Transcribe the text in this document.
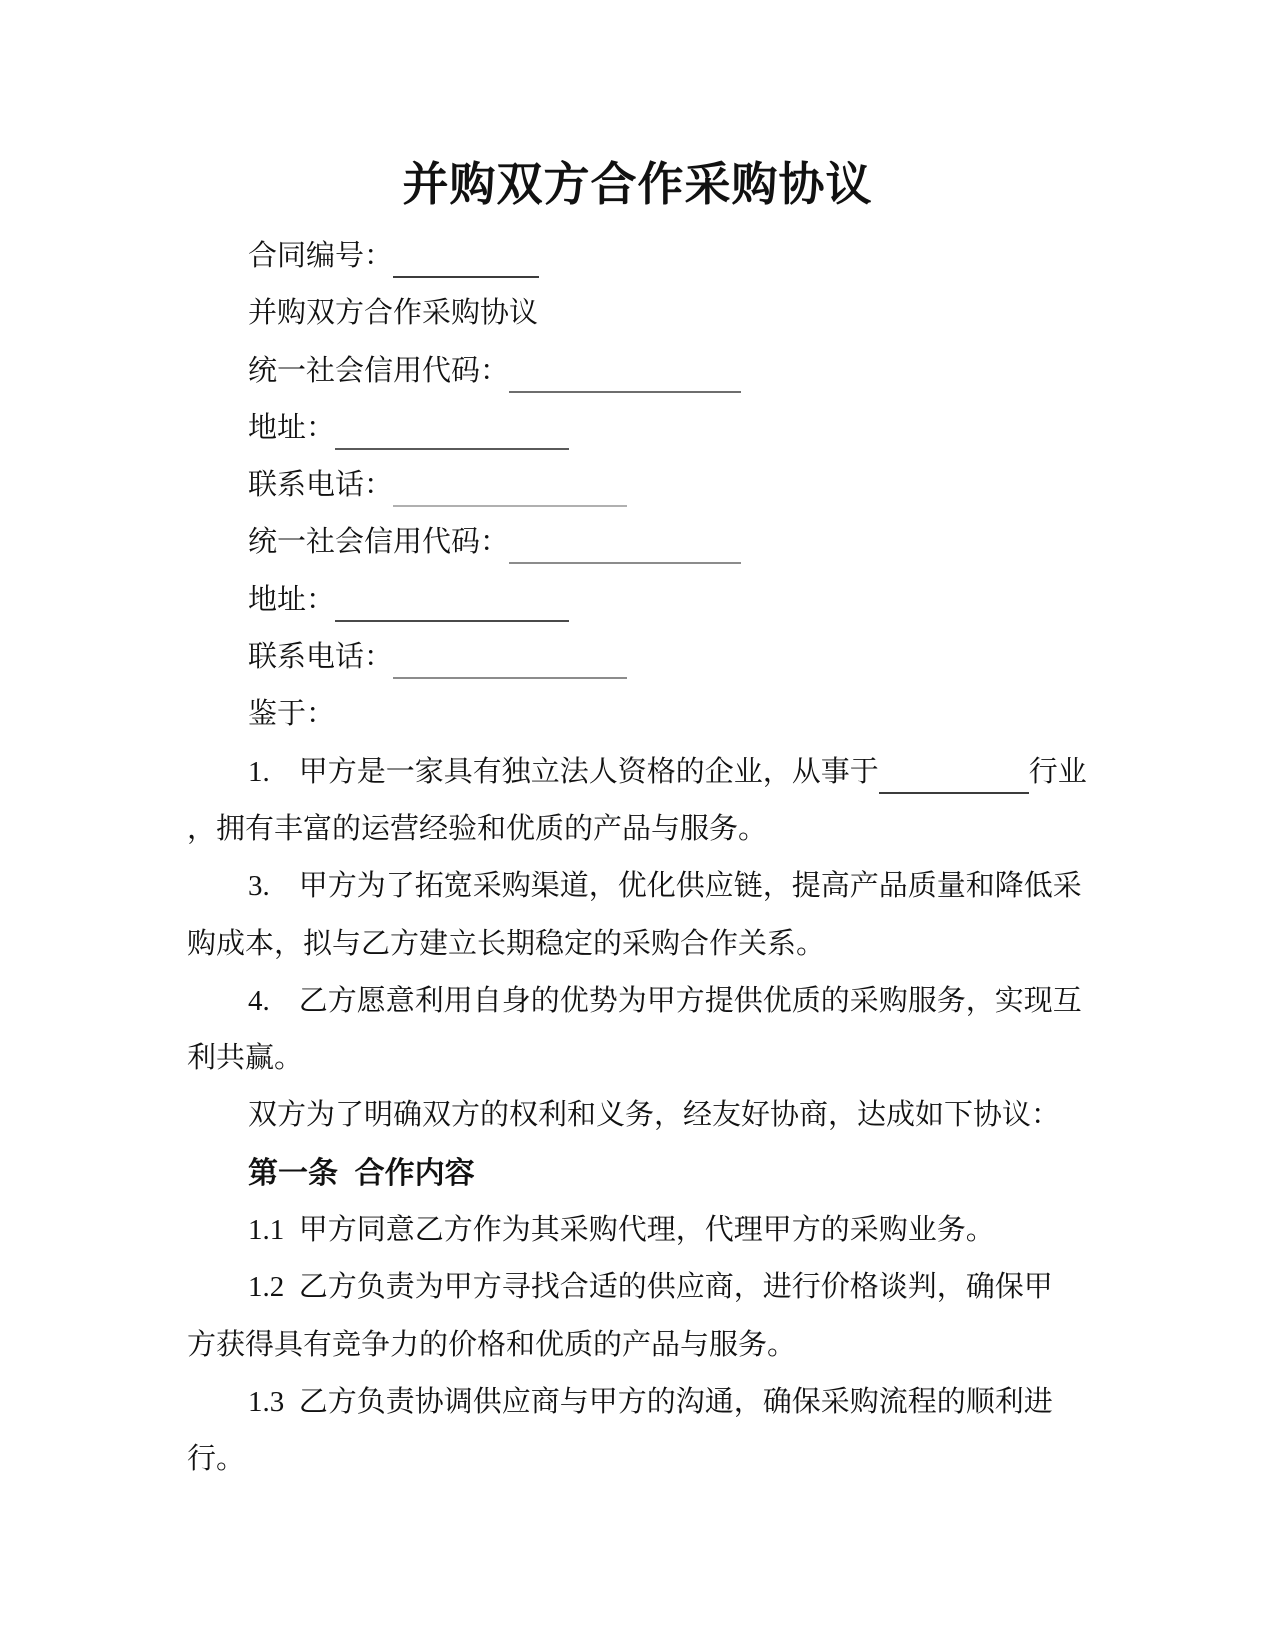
并购双方合作采购协议
合同编号：
并购双方合作采购协议
统一社会信用代码：
地址：
联系电话：
统一社会信用代码：
地址：
联系电话：
鉴于：
1.　甲方是一家具有独立法人资格的企业，从事于	行业
，拥有丰富的运营经验和优质的产品与服务。
3.　甲方为了拓宽采购渠道，优化供应链，提高产品质量和降低采
购成本，拟与乙方建立长期稳定的采购合作关系。
4.　乙方愿意利用自身的优势为甲方提供优质的采购服务，实现互
利共赢。
双方为了明确双方的权利和义务，经友好协商，达成如下协议：
第一条  合作内容
1.1  甲方同意乙方作为其采购代理，代理甲方的采购业务。
1.2  乙方负责为甲方寻找合适的供应商，进行价格谈判，确保甲
方获得具有竞争力的价格和优质的产品与服务。
1.3  乙方负责协调供应商与甲方的沟通，确保采购流程的顺利进
行。
